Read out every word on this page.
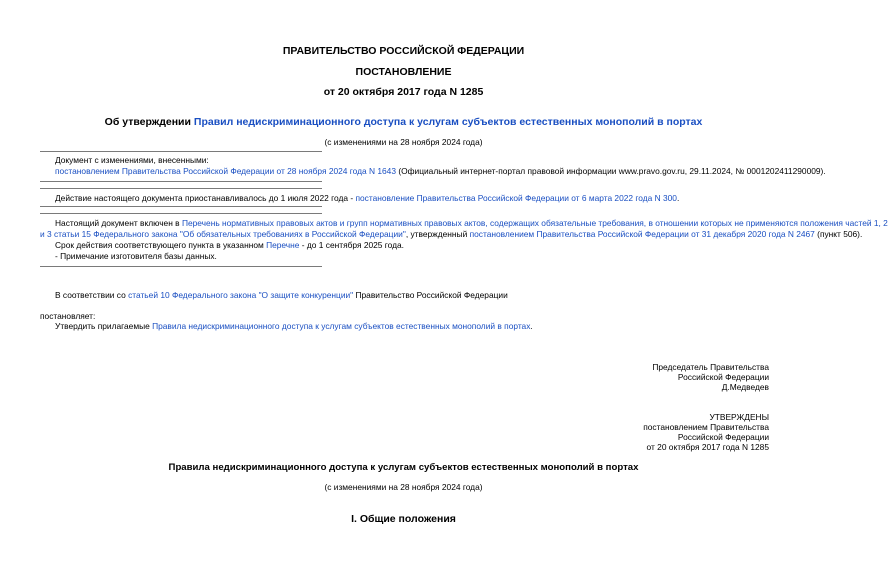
ПРАВИТЕЛЬСТВО РОССИЙСКОЙ ФЕДЕРАЦИИ
ПОСТАНОВЛЕНИЕ
от 20 октября 2017 года N 1285
Об утверждении Правил недискриминационного доступа к услугам субъектов естественных монополий в портах
(с изменениями на 28 ноября 2024 года)
Документ с изменениями, внесенными:
постановлением Правительства Российской Федерации от 28 ноября 2024 года N 1643 (Официальный интернет-портал правовой информации www.pravo.gov.ru, 29.11.2024, № 0001202411290009).
Действие настоящего документа приостанавливалось до 1 июля 2022 года - постановление Правительства Российской Федерации от 6 марта 2022 года N 300.
Настоящий документ включен в Перечень нормативных правовых актов и групп нормативных правовых актов, содержащих обязательные требования, в отношении которых не применяются положения частей 1, 2
и 3 статьи 15 Федерального закона "Об обязательных требованиях в Российской Федерации", утвержденный постановлением Правительства Российской Федерации от 31 декабря 2020 года N 2467 (пункт 506).
Срок действия соответствующего пункта в указанном Перечне - до 1 сентября 2025 года.
- Примечание изготовителя базы данных.
В соответствии со статьей 10 Федерального закона "О защите конкуренции" Правительство Российской Федерации
постановляет:
Утвердить прилагаемые Правила недискриминационного доступа к услугам субъектов естественных монополий в портах.
Председатель Правительства
Российской Федерации
Д.Медведев
УТВЕРЖДЕНЫ
постановлением Правительства
Российской Федерации
от 20 октября 2017 года N 1285
Правила недискриминационного доступа к услугам субъектов естественных монополий в портах
(с изменениями на 28 ноября 2024 года)
I. Общие положения
